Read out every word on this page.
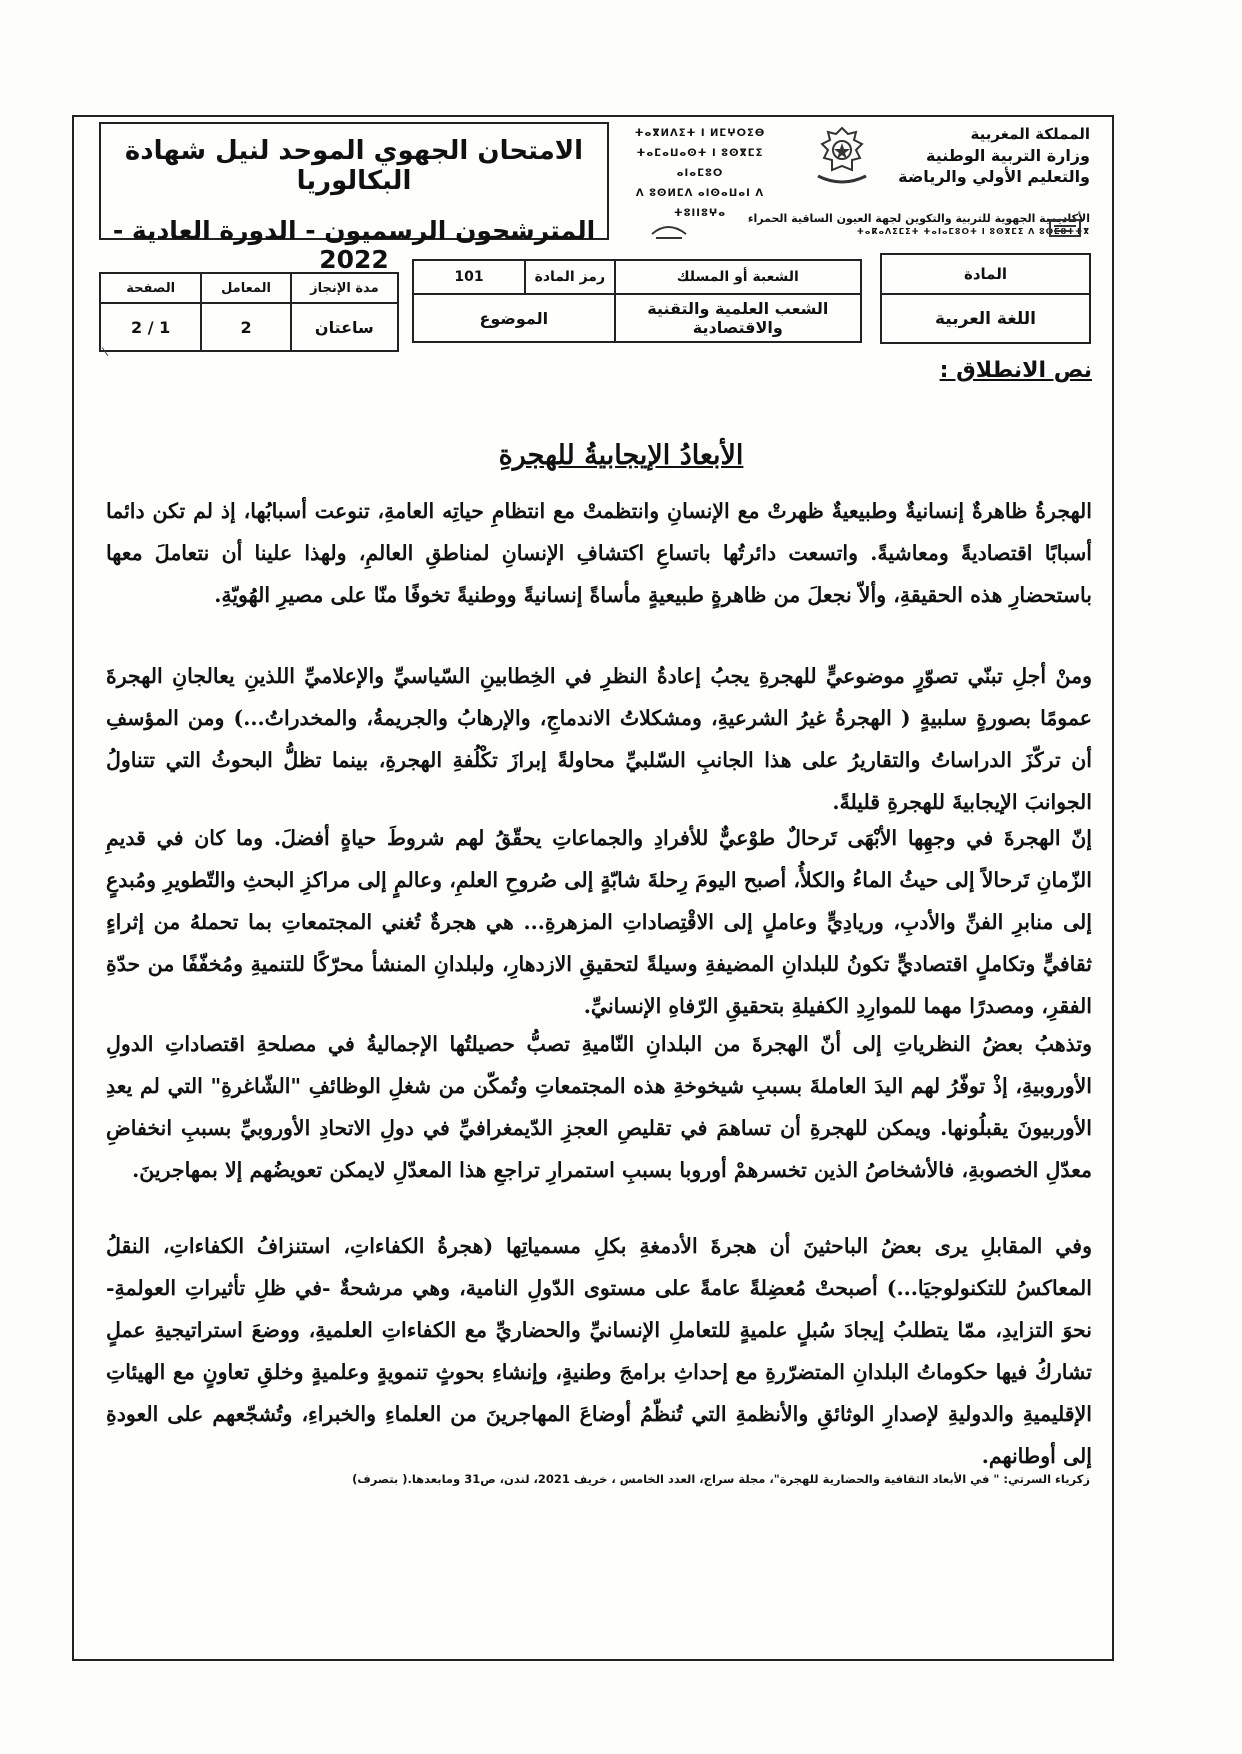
الامتحان الجهوي الموحد لنيل شهادة البكالوريا
المترشحون الرسميون - الدورة العادية - 2022
ⵜⴰⴳⵍⴷⵉⵜ ⵏ ⵍⵎⵖⵔⵉⴱ
ⵜⴰⵎⴰⵡⴰⵙⵜ ⵏ ⵓⵙⴳⵎⵉ ⴰⵏⴰⵎⵓⵔ
ⴷ ⵓⵙⵍⵎⴷ ⴰⵏⵙⴰⵡⴰⵏ ⴷ ⵜⵓⵏⵏⵓⵖⴰ
المملكة المغربية
وزارة التربية الوطنية
والتعليم الأولي والرياضة
الأكاديمية الجهوية للتربية والتكوين لجهة العيون الساقية الحمراء
ⵜⴰⴽⴰⴷⵉⵎⵉⵜ ⵜⴰⵏⴰⵎⵓⵔⵜ ⵏ ⵓⵙⴳⵎⵉ ⴷ ⵓⵙⵎⵓⵜⵜⴳ
المادة
اللغة العربية
الشعبة أو المسلك	رمز المادة	101
الشعب العلمية والتقنية والاقتصادية	الموضوع	
مدة الإنجاز	المعامل	الصفحة
ساعتان	2	1 / 2
نص الانطلاق :
الأبعادُ الإيجابيةُ للهجرةِ

الهجرةُ ظاهرةٌ إنسانيةٌ وطبيعيةٌ ظهرتْ مع الإنسانِ وانتظمتْ مع انتظامِ حياتِه العامةِ، تنوعت أسبابُها، إذ لم تكن دائما أسبابًا اقتصاديةً ومعاشيةً. واتسعت دائرتُها باتساعِ اكتشافِ الإنسانِ لمناطقِ العالمِ، ولهذا علينا أن نتعاملَ معها باستحضارِ هذه الحقيقةِ، وألاّ نجعلَ من ظاهرةٍ طبيعيةٍ مأساةً إنسانيةً ووطنيةً تخوفًا منّا على مصيرِ الهُويّةِ.

ومنْ أجلِ تبنّي تصوّرٍ موضوعيٍّ للهجرةِ يجبُ إعادةُ النظرِ في الخِطابينِ السّياسيِّ والإعلاميِّ اللذينِ يعالجانِ الهجرةَ عمومًا بصورةٍ سلبيةٍ ( الهجرةُ غيرُ الشرعيةِ، ومشكلاتُ الاندماجِ، والإرهابُ والجريمةُ، والمخدراتُ...) ومن المؤسفِ أن تركّزَ الدراساتُ والتقاريرُ على هذا الجانبِ السّلبيِّ محاولةً إبرازَ تكْلُفةِ الهجرةِ، بينما تظلُّ البحوثُ التي تتناولُ الجوانبَ الإيجابيةَ للهجرةِ قليلةً.

إنّ الهجرةَ في وجهِها الأبْهَى تَرحالٌ طوْعيٌّ للأفرادِ والجماعاتِ يحقّقُ لهم شروطَ حياةٍ أفضلَ. وما كان في قديمِ الزّمانِ تَرحالاً إلى حيثُ الماءُ والكلأُ، أصبح اليومَ رِحلةَ شابّةٍ إلى صُروحِ العلمِ، وعالمٍ إلى مراكزِ البحثِ والتّطويرِ ومُبدعٍ إلى منابرِ الفنِّ والأدبِ، وريادِيٍّ وعاملٍ إلى الاقْتِصاداتِ المزهرةِ... هي هجرةٌ تُغني المجتمعاتِ بما تحملهُ من إثراءٍ ثقافيٍّ وتكاملٍ اقتصاديٍّ تكونُ للبلدانِ المضيفةِ وسيلةً لتحقيقِ الازدهارِ، ولبلدانِ المنشأ محرّكًا للتنميةِ ومُخفّفًا من حدّةِ الفقرِ، ومصدرًا مهما للموارِدِ الكفيلةِ بتحقيقِ الرّفاهِ الإنسانيِّ.

وتذهبُ بعضُ النظرياتِ إلى أنّ الهجرةَ من البلدانِ النّاميةِ تصبُّ حصيلتُها الإجماليةُ في مصلحةِ اقتصاداتِ الدولِ الأوروبيةِ، إذْ توفّرُ لهم اليدَ العاملةَ بسببِ شيخوخةِ هذه المجتمعاتِ وتُمكّن من شغلِ الوظائفِ "الشّاغرةِ" التي لم يعدِ الأوربيونَ يقبلُونها. ويمكن للهجرةِ أن تساهمَ في تقليصِ العجزِ الدّيمغرافيِّ في دولِ الاتحادِ الأوروبيِّ بسببِ انخفاضِ معدّلِ الخصوبةِ، فالأشخاصُ الذين تخسرهمْ أوروبا بسببِ استمرارِ تراجعِ هذا المعدّلِ لايمكن تعويضُهم إلا بمهاجرينَ.

وفي المقابلِ يرى بعضُ الباحثينَ أن هجرةَ الأدمغةِ بكلِ مسمياتِها (هجرةُ الكفاءاتِ، استنزافُ الكفاءاتِ، النقلُ المعاكسُ للتكنولوجيَا...) أصبحتْ مُعضِلةً عامةً على مستوى الدّولِ النامية، وهي مرشحةٌ -في ظلِ تأثيراتِ العولمةِ- نحوَ التزايدِ، ممّا يتطلبُ إيجادَ سُبلٍ علميةٍ للتعاملِ الإنسانيِّ والحضاريِّ مع الكفاءاتِ العلميةِ، ووضعَ استراتيجيةِ عملٍ تشاركُ فيها حكوماتُ البلدانِ المتضرّرةِ مع إحداثِ برامجَ وطنيةٍ، وإنشاءِ بحوثٍ تنمويةٍ وعلميةٍ وخلقِ تعاونٍ مع الهيئاتِ الإقليميةِ والدوليةِ لإصدارِ الوثائقِ والأنظمةِ التي تُنظّمُ أوضاعَ المهاجرينَ من العلماءِ والخبراءِ، وتُشجّعهم على العودةِ إلى أوطانهم.

زكرياء السرتي: " في الأبعاد الثقافية والحضارية للهجرة"، مجلة سراج، العدد الخامس ، خريف 2021، لندن، ص31 ومابعدها.( بتصرف)
